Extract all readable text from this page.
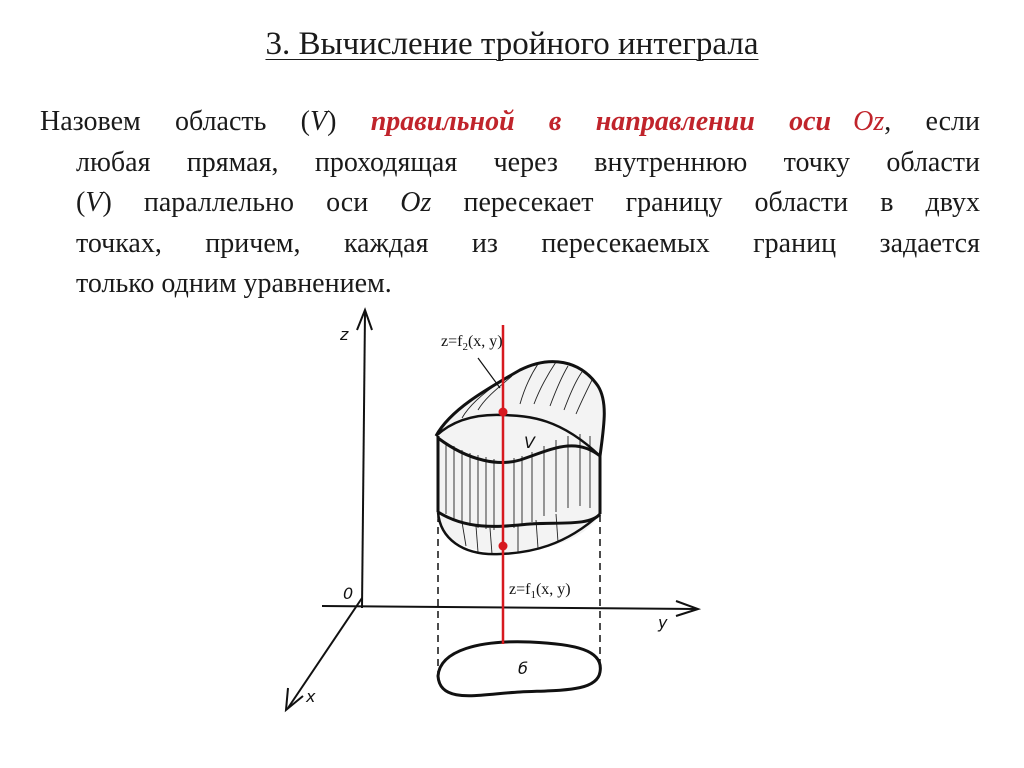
3. Вычисление тройного интеграла

Назовем область (V) правильной в направлении оси Oz, если
любая прямая, проходящая через внутреннюю точку области
(V) параллельно оси Oz пересекает границу области в двух
точках, причем, каждая из пересекаемых границ задается
только одним уравнением.

z
y
x
0
б
V
$z=f_2(x$, y)
$z=f_1(x$, y)
